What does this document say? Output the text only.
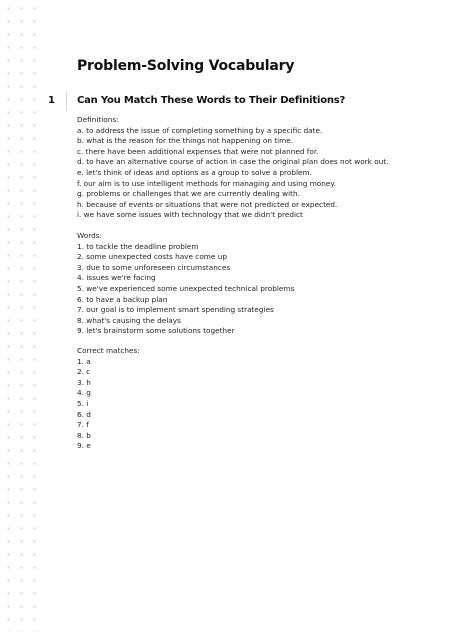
Problem-Solving Vocabulary
1 Can You Match These Words to Their Definitions?
Definitions:
a. to address the issue of completing something by a specific date.
b. what is the reason for the things not happening on time.
c. there have been additional expenses that were not planned for.
d. to have an alternative course of action in case the original plan does not work out.
e. let's think of ideas and options as a group to solve a problem.
f. our aim is to use intelligent methods for managing and using money.
g. problems or challenges that we are currently dealing with.
h. because of events or situations that were not predicted or expected.
i. we have some issues with technology that we didn't predict
Words:
1. to tackle the deadline problem
2. some unexpected costs have come up
3. due to some unforeseen circumstances
4. issues we're facing
5. we've experienced some unexpected technical problems
6. to have a backup plan
7. our goal is to implement smart spending strategies
8. what's causing the delays
9. let's brainstorm some solutions together
Correct matches:
1. a
2. c
3. h
4. g
5. i
6. d
7. f
8. b
9. e
